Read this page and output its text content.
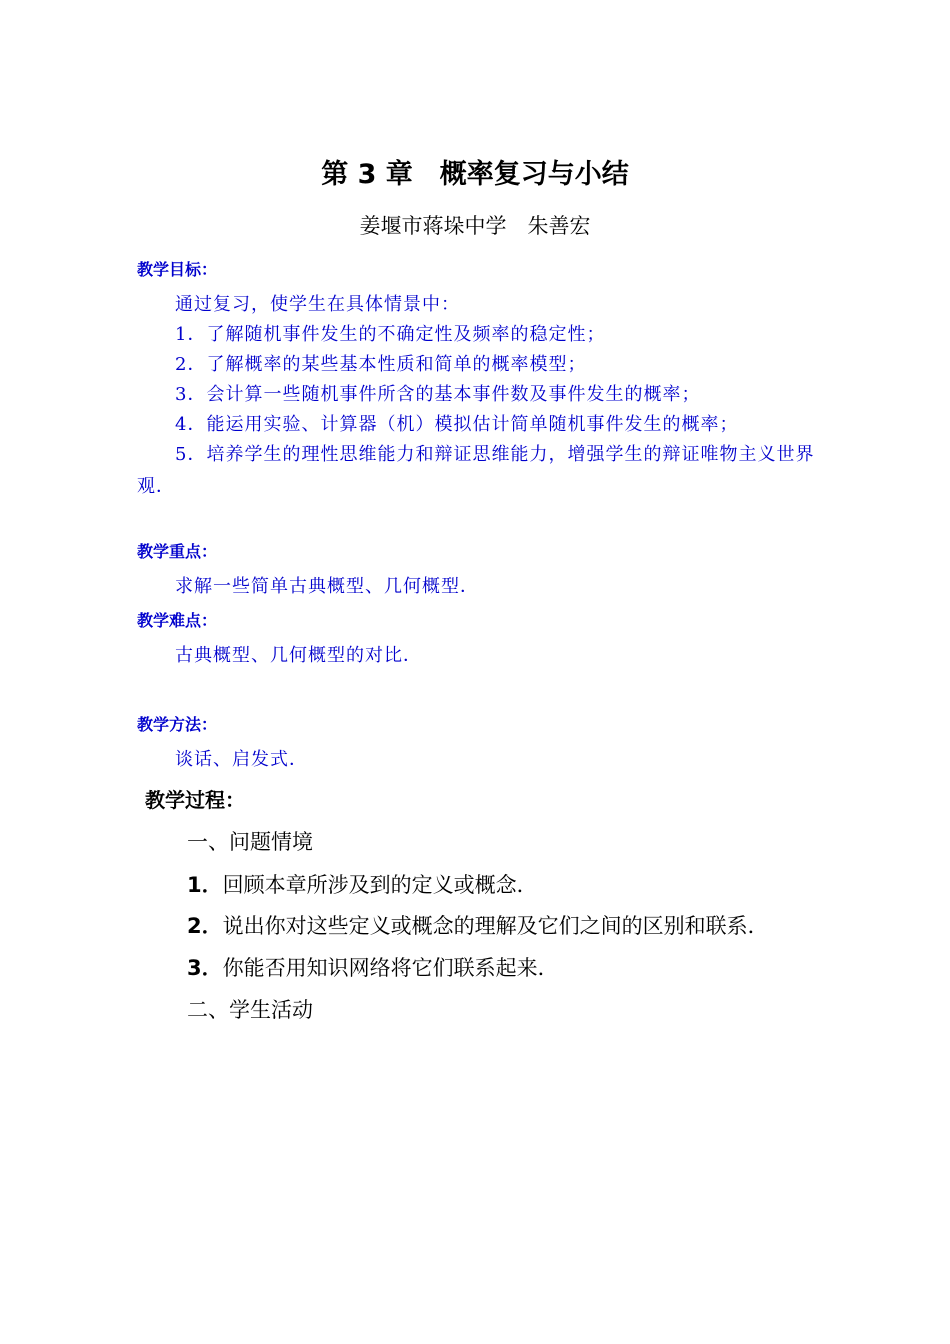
第 3 章　概率复习与小结
姜堰市蒋垛中学　朱善宏
教学目标：
通过复习，使学生在具体情景中：
1．了解随机事件发生的不确定性及频率的稳定性；
2．了解概率的某些基本性质和简单的概率模型；
3．会计算一些随机事件所含的基本事件数及事件发生的概率；
4．能运用实验、计算器（机）模拟估计简单随机事件发生的概率；
5．培养学生的理性思维能力和辩证思维能力，增强学生的辩证唯物主义世界
观．
教学重点：
求解一些简单古典概型、几何概型．
教学难点：
古典概型、几何概型的对比．
教学方法：
谈话、启发式．
教学过程：
一、问题情境
1．回顾本章所涉及到的定义或概念．
2．说出你对这些定义或概念的理解及它们之间的区别和联系．
3．你能否用知识网络将它们联系起来．
二、学生活动
